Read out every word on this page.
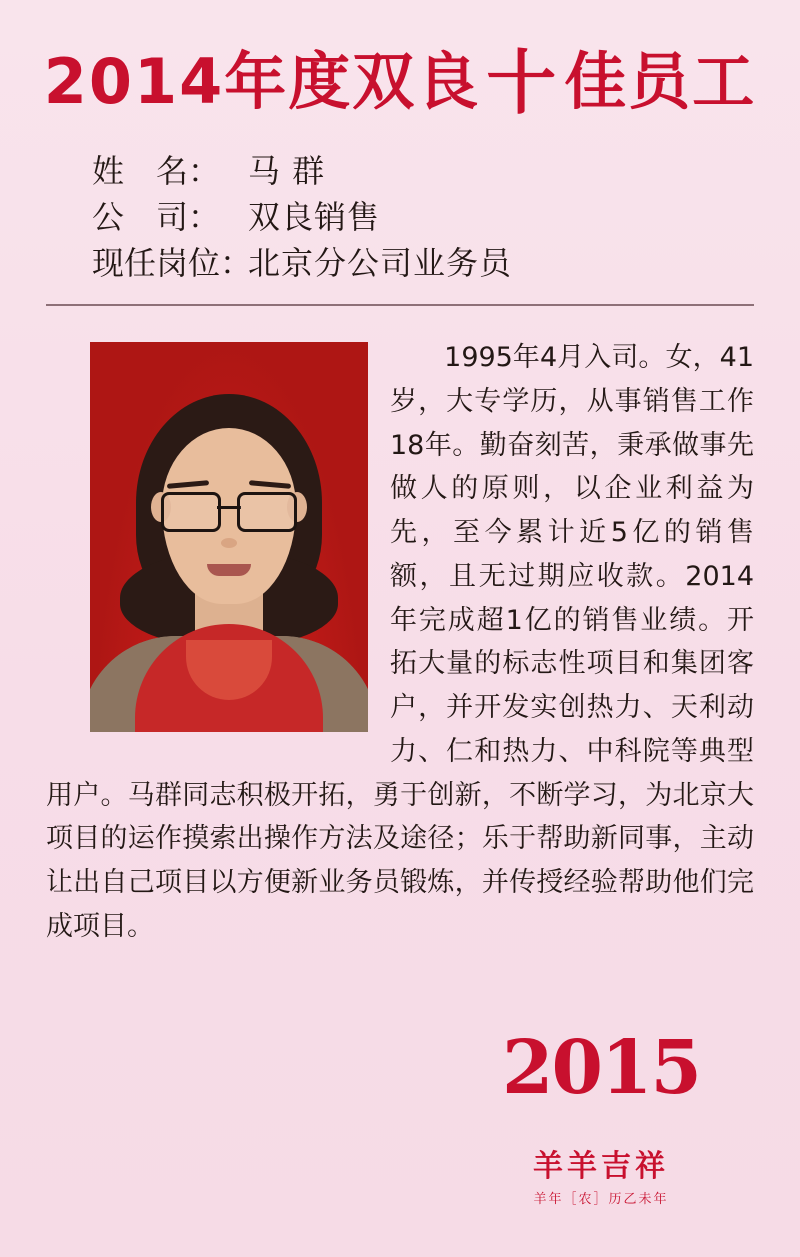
2014年度双良十佳员工
姓　名： 马 群
公　司： 双良销售
现任岗位：
北京分公司业务员
　　1995年4月入司。女，41岁，大专学历，从事销售工作18年。勤奋刻苦，秉承做事先做人的原则，以企业利益为先，至今累计近5亿的销售额，且无过期应收款。2014年完成超1亿的销售业绩。开拓大量的标志性项目和集团客户，并开发实创热力、天利动力、仁和热力、中科院等典型用户。马群同志积极开拓，勇于创新，不断学习，为北京大项目的运作摸索出操作方法及途径；乐于帮助新同事，主动让出自己项目以方便新业务员锻炼，并传授经验帮助他们完成项目。
2015
羊羊吉祥
羊年［农］历乙未年
